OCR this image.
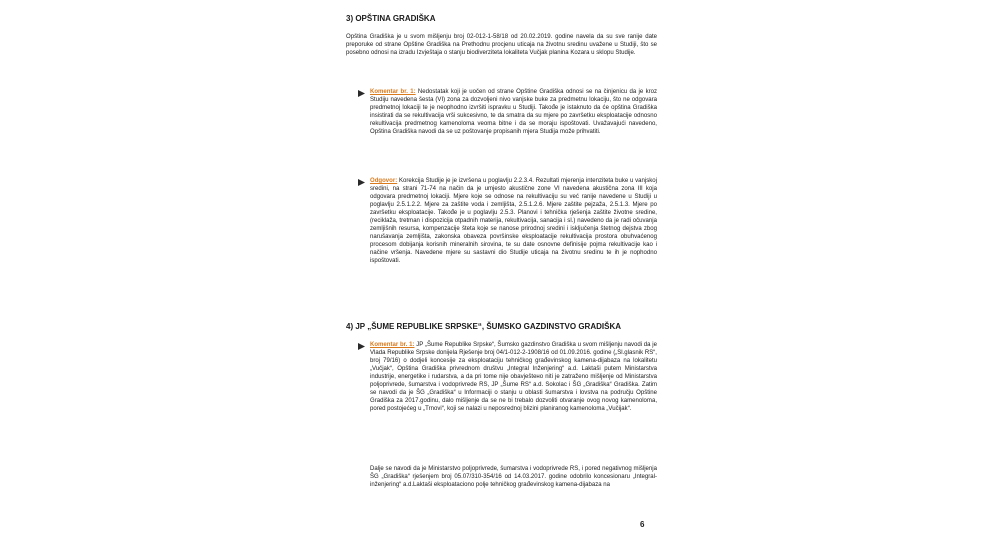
3) OPŠTINA GRADIŠKA
Opština Gradiška je u svom mišljenju broj 02-012-1-58/18 od 20.02.2019. godine navela da su sve ranije date preporuke od strane Opštine Gradiška na Prethodnu procjenu uticaja na životnu sredinu uvažene u Studiji, što se posebno odnosi na izradu Izvještaja o stanju biodiverziteta lokaliteta Vučjak planina Kozara u sklopu Studije.
Komentar br. 1: Nedostatak koji je uočen od strane Opštine Gradiška odnosi se na činjenicu da je kroz Studiju navedena šesta (VI) zona za dozvoljeni nivo vanjske buke za predmetnu lokaciju, što ne odgovara predmetnoj lokaciji te je neophodno izvršiti ispravku u Studiji. Takođe je istaknuto da će opština Gradiška insistirati da se rekultivacija vrši sukcesivno, te da smatra da su mjere po završetku eksploatacije odnosno rekultivacija predmetnog kamenoloma veoma bitne i da se moraju ispoštovati. Uvažavajući navedeno, Opština Gradiška navodi da se uz poštovanje propisanih mjera Studija može prihvatiti.
Odgovor: Korekcija Studije je je izvršena u poglavlju 2.2.3.4. Rezultati mjerenja intenziteta buke u vanjskoj sredini, na strani 71-74 na način da je umjesto akustične zone VI navedena akustična zona III koja odgovara predmetnoj lokaciji. Mjere koje se odnose na rekultivaciju su već ranije navedene u Studiji u poglavlju 2.5.1.2.2. Mjere za zaštite voda i zemljišta, 2.5.1.2.6. Mjere zaštite pejzaža, 2.5.1.3. Mjere po završetku eksploatacije. Takođe je u poglavlju 2.5.3. Planovi i tehnička rješenja zaštite životne sredine, (reciklaža, tretman i dispozicija otpadnih materija, rekultivacija, sanacija i sl.) navedeno da je radi očuvanja zemljišnih resursa, kompenzacije šteta koje se nanose prirodnoj sredini i isključenja štetnog dejstva zbog narušavanja zemljišta, zakonska obaveza površinske eksploatacije rekultivacija prostora obuhvaćenog procesom dobijanja korisnih mineralnih sirovina, te su date osnovne definisije pojma rekultivacije kao i načine vršenja. Navedene mjere su sastavni dio Studije uticaja na životnu sredinu te ih je nophodno ispoštovati.
4) JP „ŠUME REPUBLIKE SRPSKE“, ŠUMSKO GAZDINSTVO GRADIŠKA
Komentar br. 1: JP „Šume Republike Srpske“, Šumsko gazdinstvo Gradiška u svom mišljenju navodi da je Vlada Republike Srpske donijela Rješenje broj 04/1-012-2-1908/16 od 01.09.2016. godine („Sl.glasnik RS“, broj 79/16) o dodjeli koncesije za eksploataciju tehničkog građevinskog kamena-dijabaza na lokalitetu „Vučjak“, Opština Gradiška privrednom društvu „Integral Inženjering“ a.d. Laktaši putem Ministarstva industrije, energetike i rudarstva, a da pri tome nije obavještено niti je zatraženo mišljenje od Ministarstva poljoprivrede, šumarstva i vodoprivrede RS, JP „Šume RS“ a.d. Sokolac i ŠG „Gradiška“ Gradiška. Zatim se navodi da je ŠG „Gradiška“ u Informaciji o stanju u oblasti šumarstva i lovstva na području Opštine Gradiška za 2017.godinu, dalo mišljenje da se ne bi trebalo dozvoliti otvaranje ovog novog kamenoloma, pored postojećeg u „Trnovi“, koji se nalazi u neposrednoj blizini planiranog kamenoloma „Vučijak“.
Dalje se navodi da je Ministarstvo poljoprivrede, šumarstva i vodoprivrede RS, i pored negativnog mišljenja ŠG „Gradiška“ rješenjem broj 05.07/310-354/16 od 14.03.2017. godine odobrilo koncesionaru „Integral-inženjering“ a.d.Laktaši eksploataciono polje tehničkog građevinskog kamena-dijabaza na
6
